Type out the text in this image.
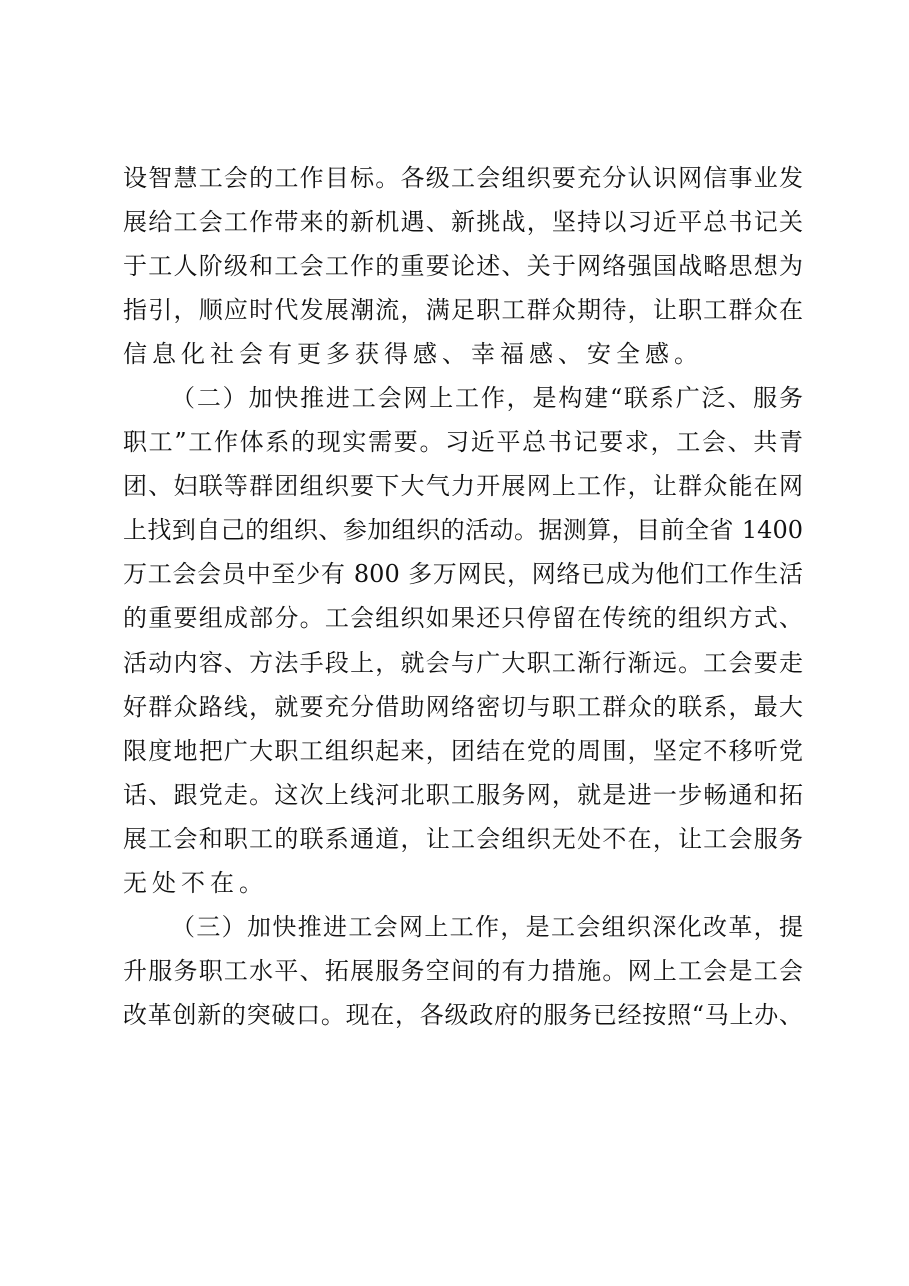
设智慧工会的工作目标。各级工会组织要充分认识网信事业发
展给工会工作带来的新机遇、新挑战，坚持以习近平总书记关
于工人阶级和工会工作的重要论述、关于网络强国战略思想为
指引，顺应时代发展潮流，满足职工群众期待，让职工群众在
信息化社会有更多获得感、幸福感、安全感。
（二）加快推进工会网上工作，是构建“联系广泛、服务
职工”工作体系的现实需要。习近平总书记要求，工会、共青
团、妇联等群团组织要下大气力开展网上工作，让群众能在网
上找到自己的组织、参加组织的活动。据测算，目前全省 1400
万工会会员中至少有 800 多万网民，网络已成为他们工作生活
的重要组成部分。工会组织如果还只停留在传统的组织方式、
活动内容、方法手段上，就会与广大职工渐行渐远。工会要走
好群众路线，就要充分借助网络密切与职工群众的联系，最大
限度地把广大职工组织起来，团结在党的周围，坚定不移听党
话、跟党走。这次上线河北职工服务网，就是进一步畅通和拓
展工会和职工的联系通道，让工会组织无处不在，让工会服务
无处不在。
（三）加快推进工会网上工作，是工会组织深化改革，提
升服务职工水平、拓展服务空间的有力措施。网上工会是工会
改革创新的突破口。现在，各级政府的服务已经按照“马上办、
